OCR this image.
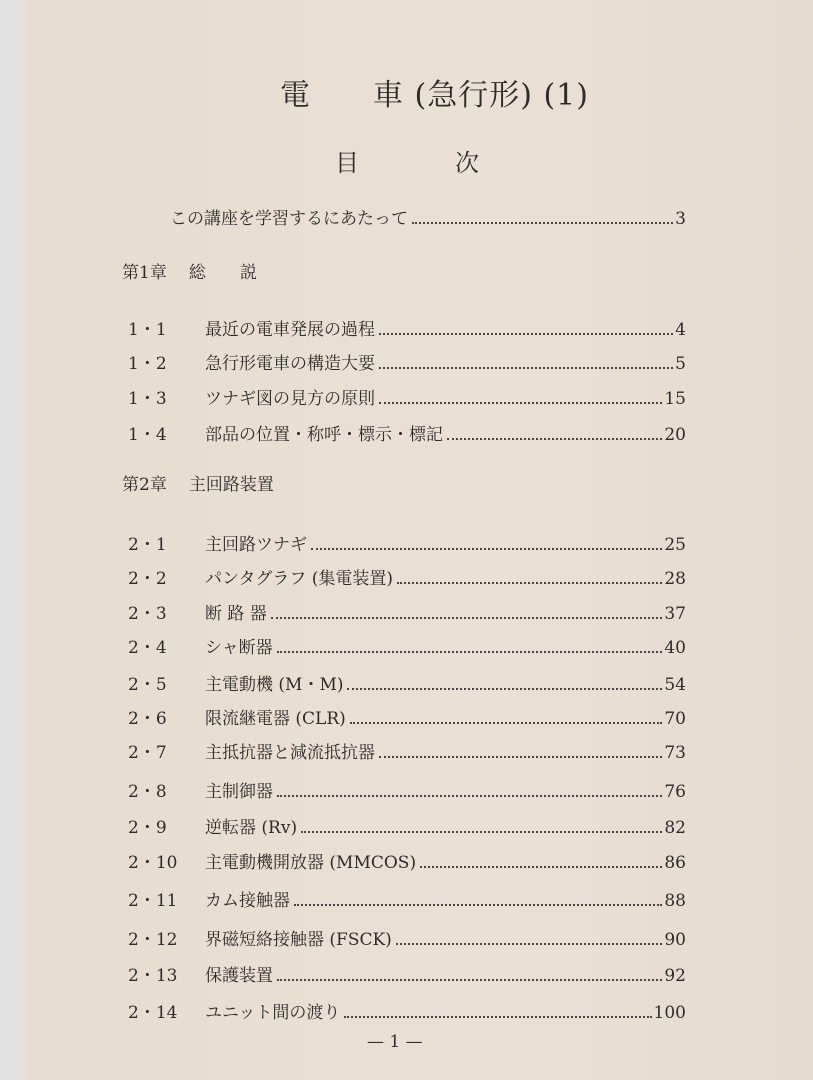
電　　車 (急行形) (1)
目　　　　次
この講座を学習するにあたって	3
第1章 総　　説
1・1	最近の電車発展の過程	4
1・2	急行形電車の構造大要	5
1・3	ツナギ図の見方の原則	15
1・4	部品の位置・称呼・標示・標記	20
第2章 主回路装置
2・1	主回路ツナギ	25
2・2	パンタグラフ (集電装置)	28
2・3	断 路 器	37
2・4	シャ断器	40
2・5	主電動機 (M・M)	54
2・6	限流継電器 (CLR)	70
2・7	主抵抗器と減流抵抗器	73
2・8	主制御器	76
2・9	逆転器 (Rv)	82
2・10	主電動機開放器 (MMCOS)	86
2・11	カム接触器	88
2・12	界磁短絡接触器 (FSCK)	90
2・13	保護装置	92
2・14	ユニット間の渡り	100
— 1 —
